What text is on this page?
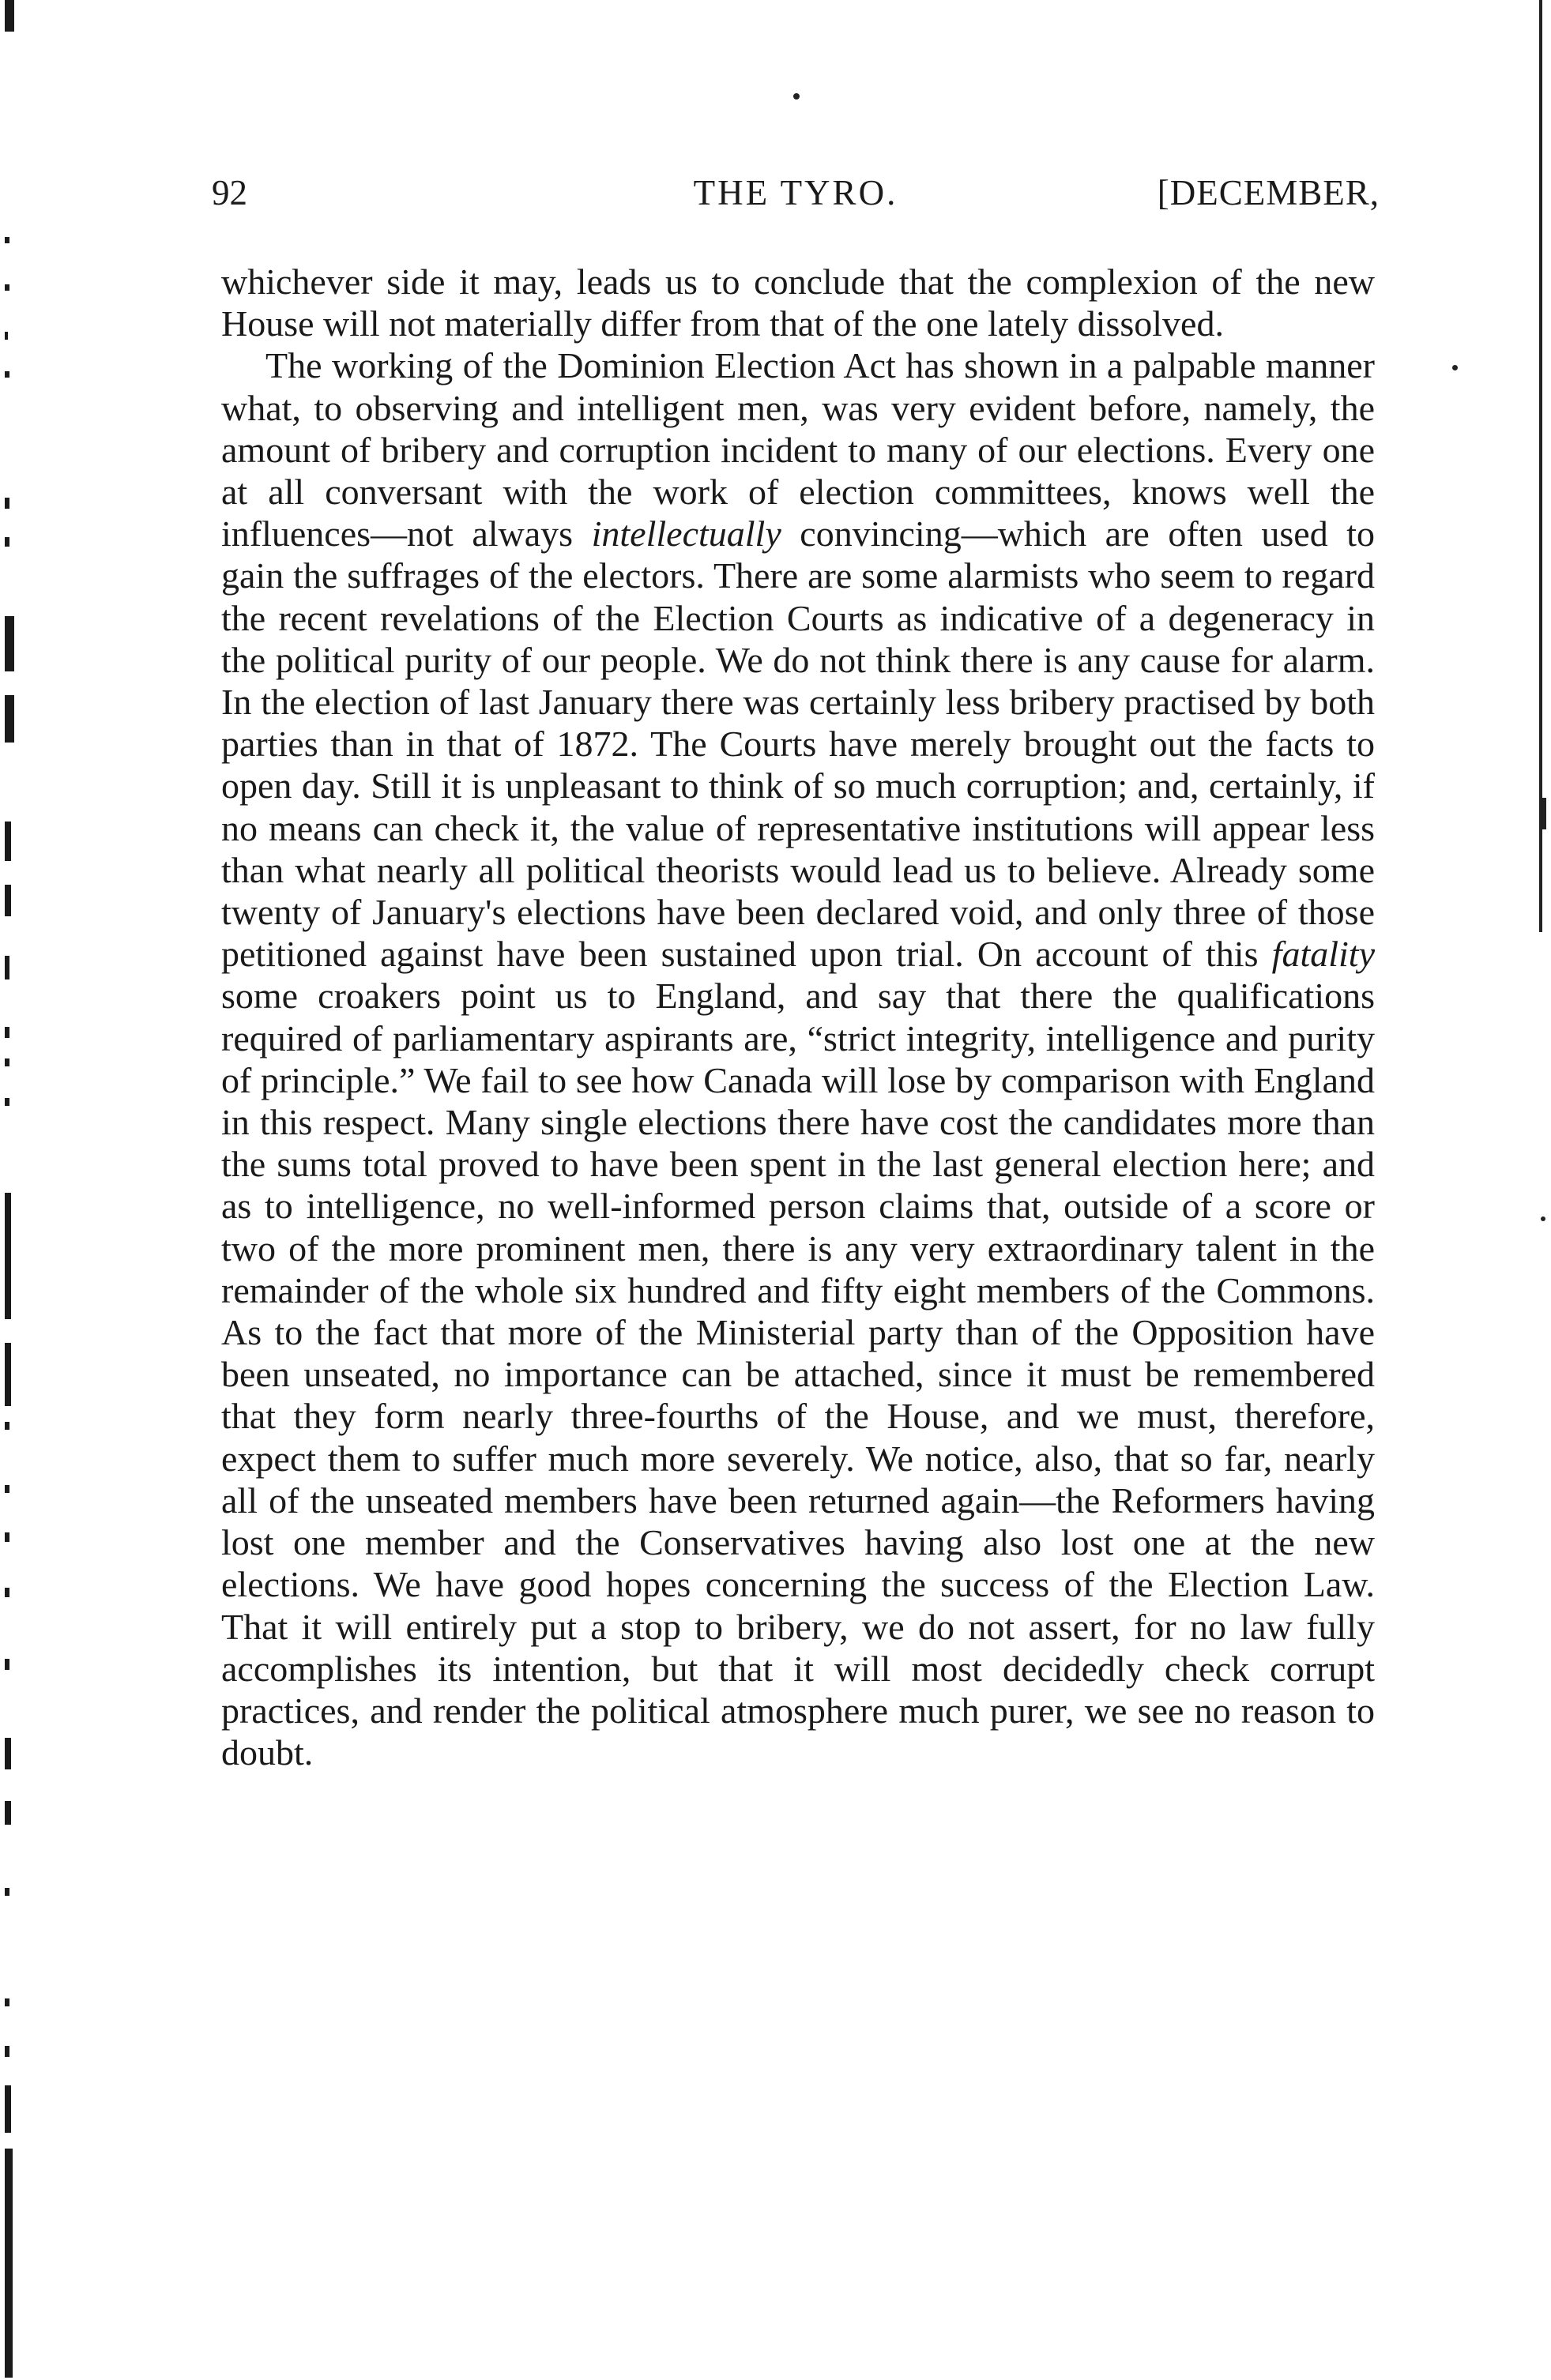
92	THE TYRO.	[DECEMBER,

whichever side it may, leads us to conclude that the complexion of the new House will not materially differ from that of the one lately dissolved.

The working of the Dominion Election Act has shown in a palpable manner what, to observing and intelligent men, was very evident before, namely, the amount of bribery and corruption incident to many of our elections. Every one at all conversant with the work of election committees, knows well the influences—not always intellectually convincing—which are often used to gain the suffrages of the electors. There are some alarmists who seem to regard the recent revelations of the Election Courts as indicative of a degeneracy in the political purity of our people. We do not think there is any cause for alarm. In the election of last January there was certainly less bribery practised by both parties than in that of 1872. The Courts have merely brought out the facts to open day. Still it is unpleasant to think of so much corruption; and, certainly, if no means can check it, the value of representative institutions will appear less than what nearly all political theorists would lead us to believe. Already some twenty of January's elections have been declared void, and only three of those petitioned against have been sustained upon trial. On account of this fatality some croakers point us to England, and say that there the qualifications required of parliamentary aspirants are, “strict integrity, intelligence and purity of principle.” We fail to see how Canada will lose by comparison with England in this respect. Many single elections there have cost the candidates more than the sums total proved to have been spent in the last general election here; and as to intelligence, no well-informed person claims that, outside of a score or two of the more prominent men, there is any very extraordinary talent in the remainder of the whole six hundred and fifty eight members of the Commons. As to the fact that more of the Ministerial party than of the Opposition have been unseated, no importance can be attached, since it must be remembered that they form nearly three-fourths of the House, and we must, therefore, expect them to suffer much more severely. We notice, also, that so far, nearly all of the unseated members have been returned again—the Reformers having lost one member and the Conservatives having also lost one at the new elections. We have good hopes concerning the success of the Election Law. That it will entirely put a stop to bribery, we do not assert, for no law fully accomplishes its intention, but that it will most decidedly check corrupt practices, and render the political atmosphere much purer, we see no reason to doubt.
